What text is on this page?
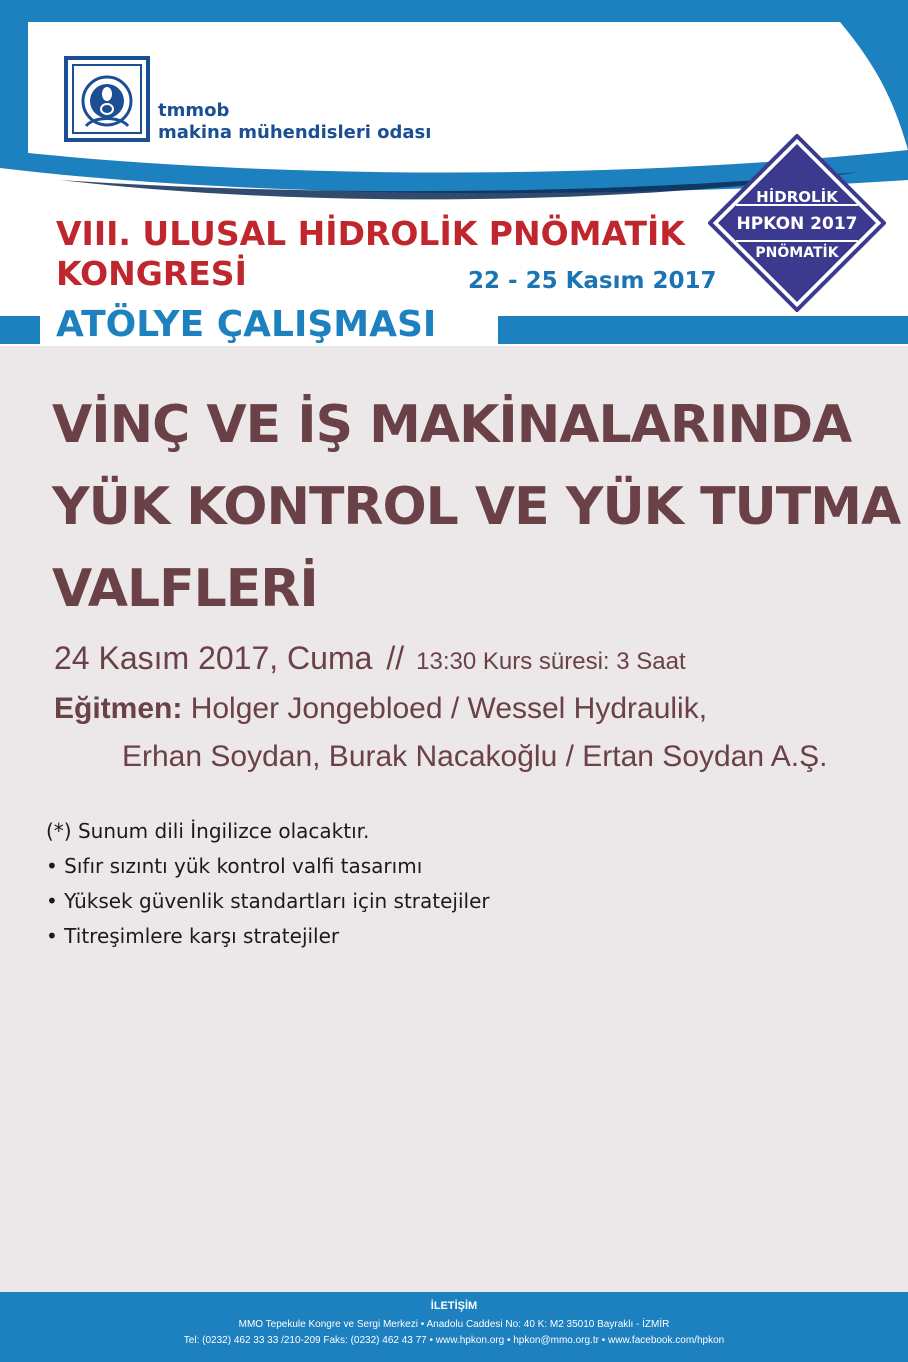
tmmob
makina mühendisleri odası
VIII. ULUSAL HİDROLİK PNÖMATİK
KONGRESİ	22 - 25 Kasım 2017
HİDROLİK
HPKON 2017
PNÖMATİK
ATÖLYE ÇALIŞMASI
VİNÇ VE İŞ MAKİNALARINDA
YÜK KONTROL VE YÜK TUTMA
VALFLERİ
24 Kasım 2017, Cuma // 13:30 Kurs süresi: 3 Saat
Eğitmen: Holger Jongebloed / Wessel Hydraulik,
Erhan Soydan, Burak Nacakoğlu / Ertan Soydan A.Ş.
(*) Sunum dili İngilizce olacaktır.
• Sıfır sızıntı yük kontrol valfi tasarımı
• Yüksek güvenlik standartları için stratejiler
• Titreşimlere karşı stratejiler
İLETİŞİM
MMO Tepekule Kongre ve Sergi Merkezi • Anadolu Caddesi No: 40 K: M2 35010 Bayraklı - İZMİR
Tel: (0232) 462 33 33 /210-209 Faks: (0232) 462 43 77 • www.hpkon.org • hpkon@mmo.org.tr • www.facebook.com/hpkon
